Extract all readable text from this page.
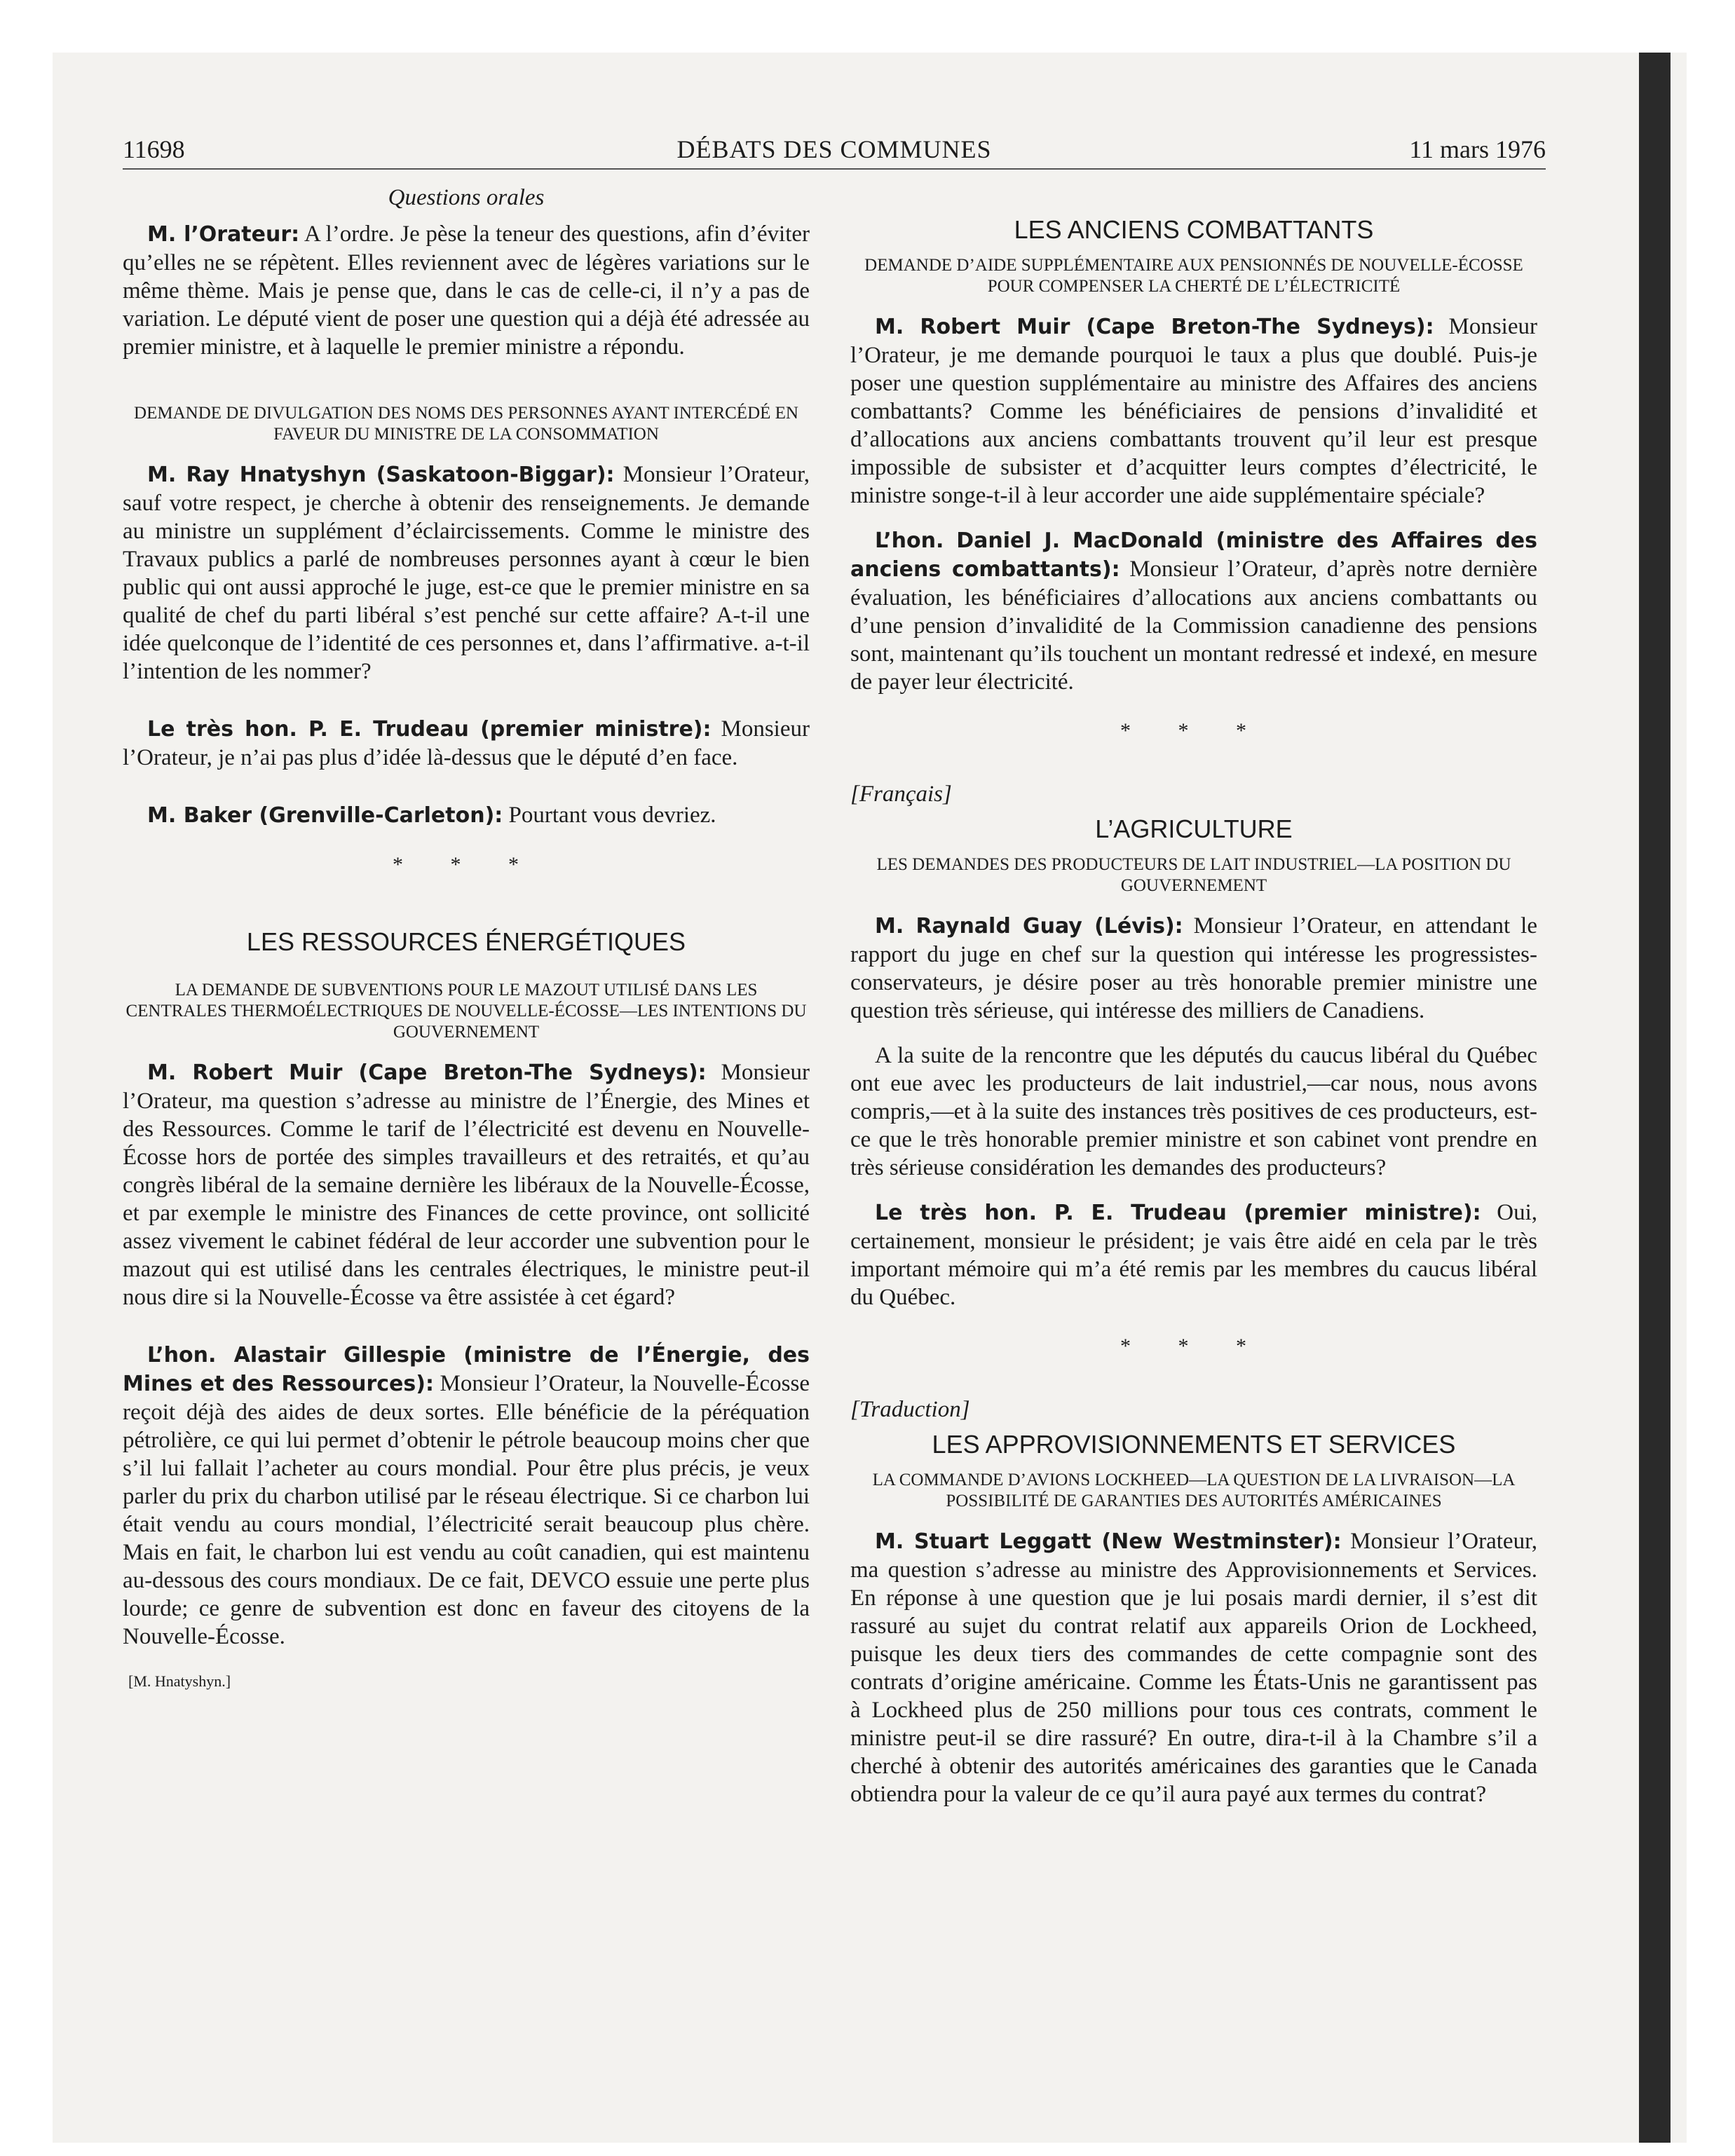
11698	DÉBATS DES COMMUNES	11 mars 1976
Questions orales

M. l’Orateur: A l’ordre. Je pèse la teneur des questions, afin d’éviter qu’elles ne se répètent. Elles reviennent avec de légères variations sur le même thème. Mais je pense que, dans le cas de celle-ci, il n’y a pas de variation. Le député vient de poser une question qui a déjà été adressée au premier ministre, et à laquelle le premier ministre a répondu.

DEMANDE DE DIVULGATION DES NOMS DES PERSONNES AYANT INTERCÉDÉ EN FAVEUR DU MINISTRE DE LA CONSOMMATION

M. Ray Hnatyshyn (Saskatoon-Biggar): Monsieur l’Orateur, sauf votre respect, je cherche à obtenir des renseignements. Je demande au ministre un supplément d’éclaircissements. Comme le ministre des Travaux publics a parlé de nombreuses personnes ayant à cœur le bien public qui ont aussi approché le juge, est-ce que le premier ministre en sa qualité de chef du parti libéral s’est penché sur cette affaire? A-t-il une idée quelconque de l’identité de ces personnes et, dans l’affirmative. a-t-il l’intention de les nommer?

Le très hon. P. E. Trudeau (premier ministre): Monsieur l’Orateur, je n’ai pas plus d’idée là-dessus que le député d’en face.

M. Baker (Grenville-Carleton): Pourtant vous devriez.

* * *
LES RESSOURCES ÉNERGÉTIQUES
LA DEMANDE DE SUBVENTIONS POUR LE MAZOUT UTILISÉ DANS LES CENTRALES THERMOÉLECTRIQUES DE NOUVELLE-ÉCOSSE—LES INTENTIONS DU GOUVERNEMENT

M. Robert Muir (Cape Breton-The Sydneys): Monsieur l’Orateur, ma question s’adresse au ministre de l’Énergie, des Mines et des Ressources. Comme le tarif de l’électricité est devenu en Nouvelle-Écosse hors de portée des simples travailleurs et des retraités, et qu’au congrès libéral de la semaine dernière les libéraux de la Nouvelle-Écosse, et par exemple le ministre des Finances de cette province, ont sollicité assez vivement le cabinet fédéral de leur accorder une subvention pour le mazout qui est utilisé dans les centrales électriques, le ministre peut-il nous dire si la Nouvelle-Écosse va être assistée à cet égard?

L’hon. Alastair Gillespie (ministre de l’Énergie, des Mines et des Ressources): Monsieur l’Orateur, la Nouvelle-Écosse reçoit déjà des aides de deux sortes. Elle bénéficie de la péréquation pétrolière, ce qui lui permet d’obtenir le pétrole beaucoup moins cher que s’il lui fallait l’acheter au cours mondial. Pour être plus précis, je veux parler du prix du charbon utilisé par le réseau électrique. Si ce charbon lui était vendu au cours mondial, l’électricité serait beaucoup plus chère. Mais en fait, le charbon lui est vendu au coût canadien, qui est maintenu au-dessous des cours mondiaux. De ce fait, DEVCO essuie une perte plus lourde; ce genre de subvention est donc en faveur des citoyens de la Nouvelle-Écosse.

[M. Hnatyshyn.]
LES ANCIENS COMBATTANTS
DEMANDE D’AIDE SUPPLÉMENTAIRE AUX PENSIONNÉS DE NOUVELLE-ÉCOSSE POUR COMPENSER LA CHERTÉ DE L’ÉLECTRICITÉ

M. Robert Muir (Cape Breton-The Sydneys): Monsieur l’Orateur, je me demande pourquoi le taux a plus que doublé. Puis-je poser une question supplémentaire au ministre des Affaires des anciens combattants? Comme les bénéficiaires de pensions d’invalidité et d’allocations aux anciens combattants trouvent qu’il leur est presque impossible de subsister et d’acquitter leurs comptes d’électricité, le ministre songe-t-il à leur accorder une aide supplémentaire spéciale?

L’hon. Daniel J. MacDonald (ministre des Affaires des anciens combattants): Monsieur l’Orateur, d’après notre dernière évaluation, les bénéficiaires d’allocations aux anciens combattants ou d’une pension d’invalidité de la Commission canadienne des pensions sont, maintenant qu’ils touchent un montant redressé et indexé, en mesure de payer leur électricité.

* * *
[Français]
L’AGRICULTURE
LES DEMANDES DES PRODUCTEURS DE LAIT INDUSTRIEL—LA POSITION DU GOUVERNEMENT

M. Raynald Guay (Lévis): Monsieur l’Orateur, en attendant le rapport du juge en chef sur la question qui intéresse les progressistes-conservateurs, je désire poser au très honorable premier ministre une question très sérieuse, qui intéresse des milliers de Canadiens.

A la suite de la rencontre que les députés du caucus libéral du Québec ont eue avec les producteurs de lait industriel,—car nous, nous avons compris,—et à la suite des instances très positives de ces producteurs, est-ce que le très honorable premier ministre et son cabinet vont prendre en très sérieuse considération les demandes des producteurs?

Le très hon. P. E. Trudeau (premier ministre): Oui, certainement, monsieur le président; je vais être aidé en cela par le très important mémoire qui m’a été remis par les membres du caucus libéral du Québec.

* * *
[Traduction]
LES APPROVISIONNEMENTS ET SERVICES
LA COMMANDE D’AVIONS LOCKHEED—LA QUESTION DE LA LIVRAISON—LA POSSIBILITÉ DE GARANTIES DES AUTORITÉS AMÉRICAINES

M. Stuart Leggatt (New Westminster): Monsieur l’Orateur, ma question s’adresse au ministre des Approvisionnements et Services. En réponse à une question que je lui posais mardi dernier, il s’est dit rassuré au sujet du contrat relatif aux appareils Orion de Lockheed, puisque les deux tiers des commandes de cette compagnie sont des contrats d’origine américaine. Comme les États-Unis ne garantissent pas à Lockheed plus de 250 millions pour tous ces contrats, comment le ministre peut-il se dire rassuré? En outre, dira-t-il à la Chambre s’il a cherché à obtenir des autorités américaines des garanties que le Canada obtiendra pour la valeur de ce qu’il aura payé aux termes du contrat?
